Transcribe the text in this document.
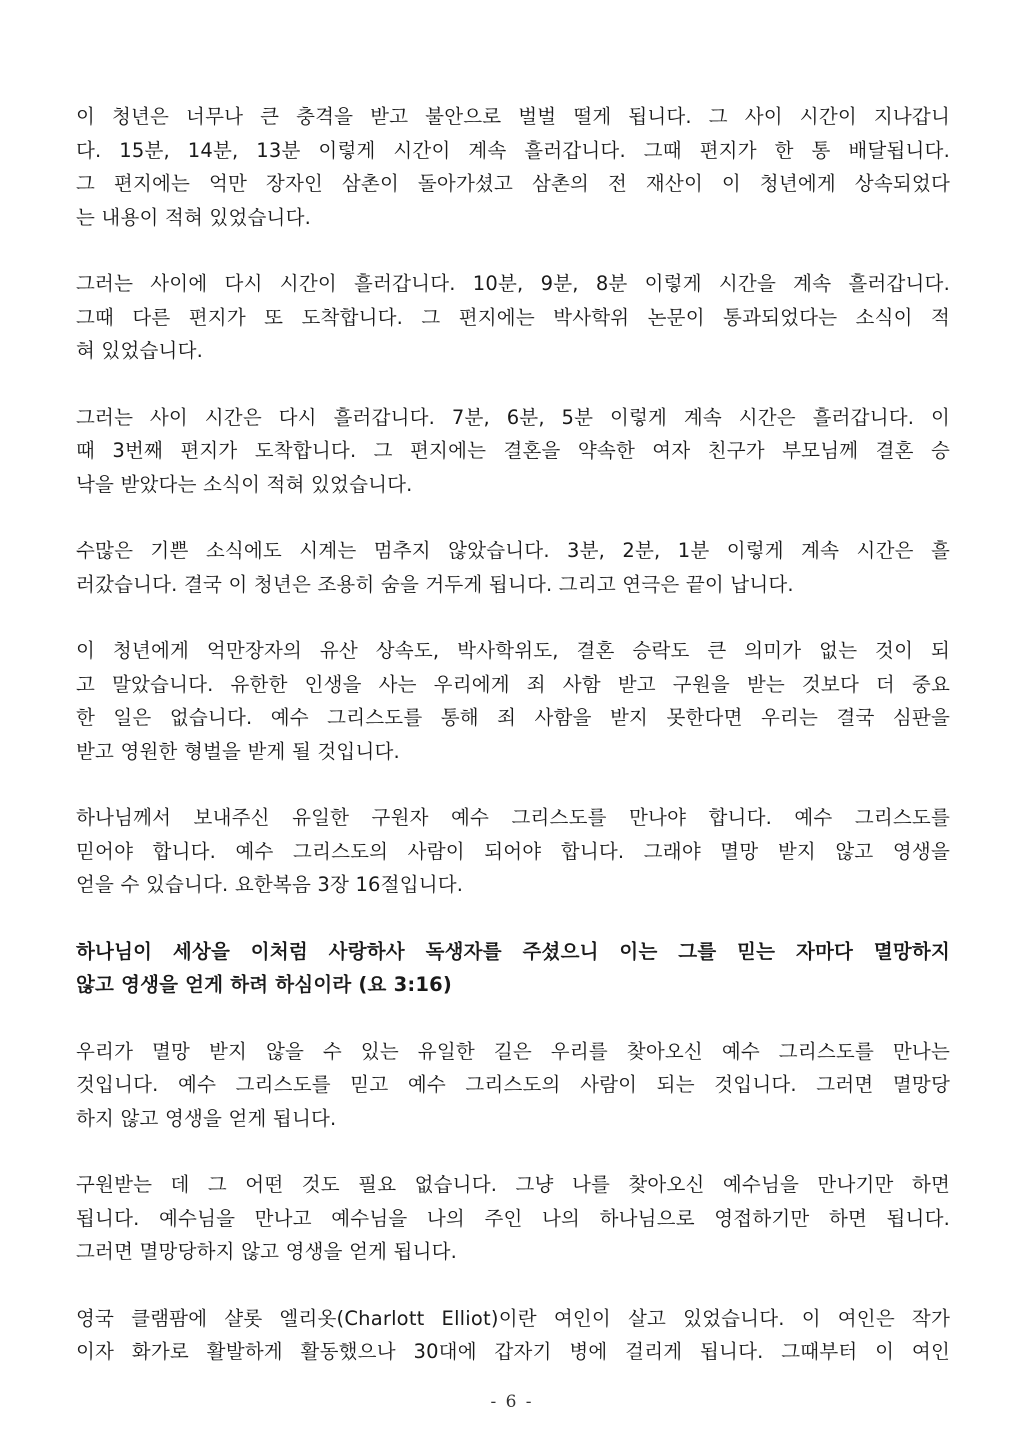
이 청년은 너무나 큰 충격을 받고 불안으로 벌벌 떨게 됩니다. 그 사이 시간이 지나갑니
다. 15분, 14분, 13분 이렇게 시간이 계속 흘러갑니다. 그때 편지가 한 통 배달됩니다.
그 편지에는 억만 장자인 삼촌이 돌아가셨고 삼촌의 전 재산이 이 청년에게 상속되었다
는 내용이 적혀 있었습니다.
그러는 사이에 다시 시간이 흘러갑니다. 10분, 9분, 8분 이렇게 시간을 계속 흘러갑니다.
그때 다른 편지가 또 도착합니다. 그 편지에는 박사학위 논문이 통과되었다는 소식이 적
혀 있었습니다.
그러는 사이 시간은 다시 흘러갑니다. 7분, 6분, 5분 이렇게 계속 시간은 흘러갑니다. 이
때 3번째 편지가 도착합니다. 그 편지에는 결혼을 약속한 여자 친구가 부모님께 결혼 승
낙을 받았다는 소식이 적혀 있었습니다.
수많은 기쁜 소식에도 시계는 멈추지 않았습니다. 3분, 2분, 1분 이렇게 계속 시간은 흘
러갔습니다. 결국 이 청년은 조용히 숨을 거두게 됩니다. 그리고 연극은 끝이 납니다.
이 청년에게 억만장자의 유산 상속도, 박사학위도, 결혼 승락도 큰 의미가 없는 것이 되
고 말았습니다. 유한한 인생을 사는 우리에게 죄 사함 받고 구원을 받는 것보다 더 중요
한 일은 없습니다. 예수 그리스도를 통해 죄 사함을 받지 못한다면 우리는 결국 심판을
받고 영원한 형벌을 받게 될 것입니다.
하나님께서 보내주신 유일한 구원자 예수 그리스도를 만나야 합니다. 예수 그리스도를
믿어야 합니다. 예수 그리스도의 사람이 되어야 합니다. 그래야 멸망 받지 않고 영생을
얻을 수 있습니다. 요한복음 3장 16절입니다.
하나님이 세상을 이처럼 사랑하사 독생자를 주셨으니 이는 그를 믿는 자마다 멸망하지
않고 영생을 얻게 하려 하심이라 (요 3:16)
우리가 멸망 받지 않을 수 있는 유일한 길은 우리를 찾아오신 예수 그리스도를 만나는
것입니다. 예수 그리스도를 믿고 예수 그리스도의 사람이 되는 것입니다. 그러면 멸망당
하지 않고 영생을 얻게 됩니다.
구원받는 데 그 어떤 것도 필요 없습니다. 그냥 나를 찾아오신 예수님을 만나기만 하면
됩니다. 예수님을 만나고 예수님을 나의 주인 나의 하나님으로 영접하기만 하면 됩니다.
그러면 멸망당하지 않고 영생을 얻게 됩니다.
영국 클램팜에 샬롯 엘리옷(Charlott Elliot)이란 여인이 살고 있었습니다. 이 여인은 작가
이자 화가로 활발하게 활동했으나 30대에 갑자기 병에 걸리게 됩니다. 그때부터 이 여인
- 6 -
